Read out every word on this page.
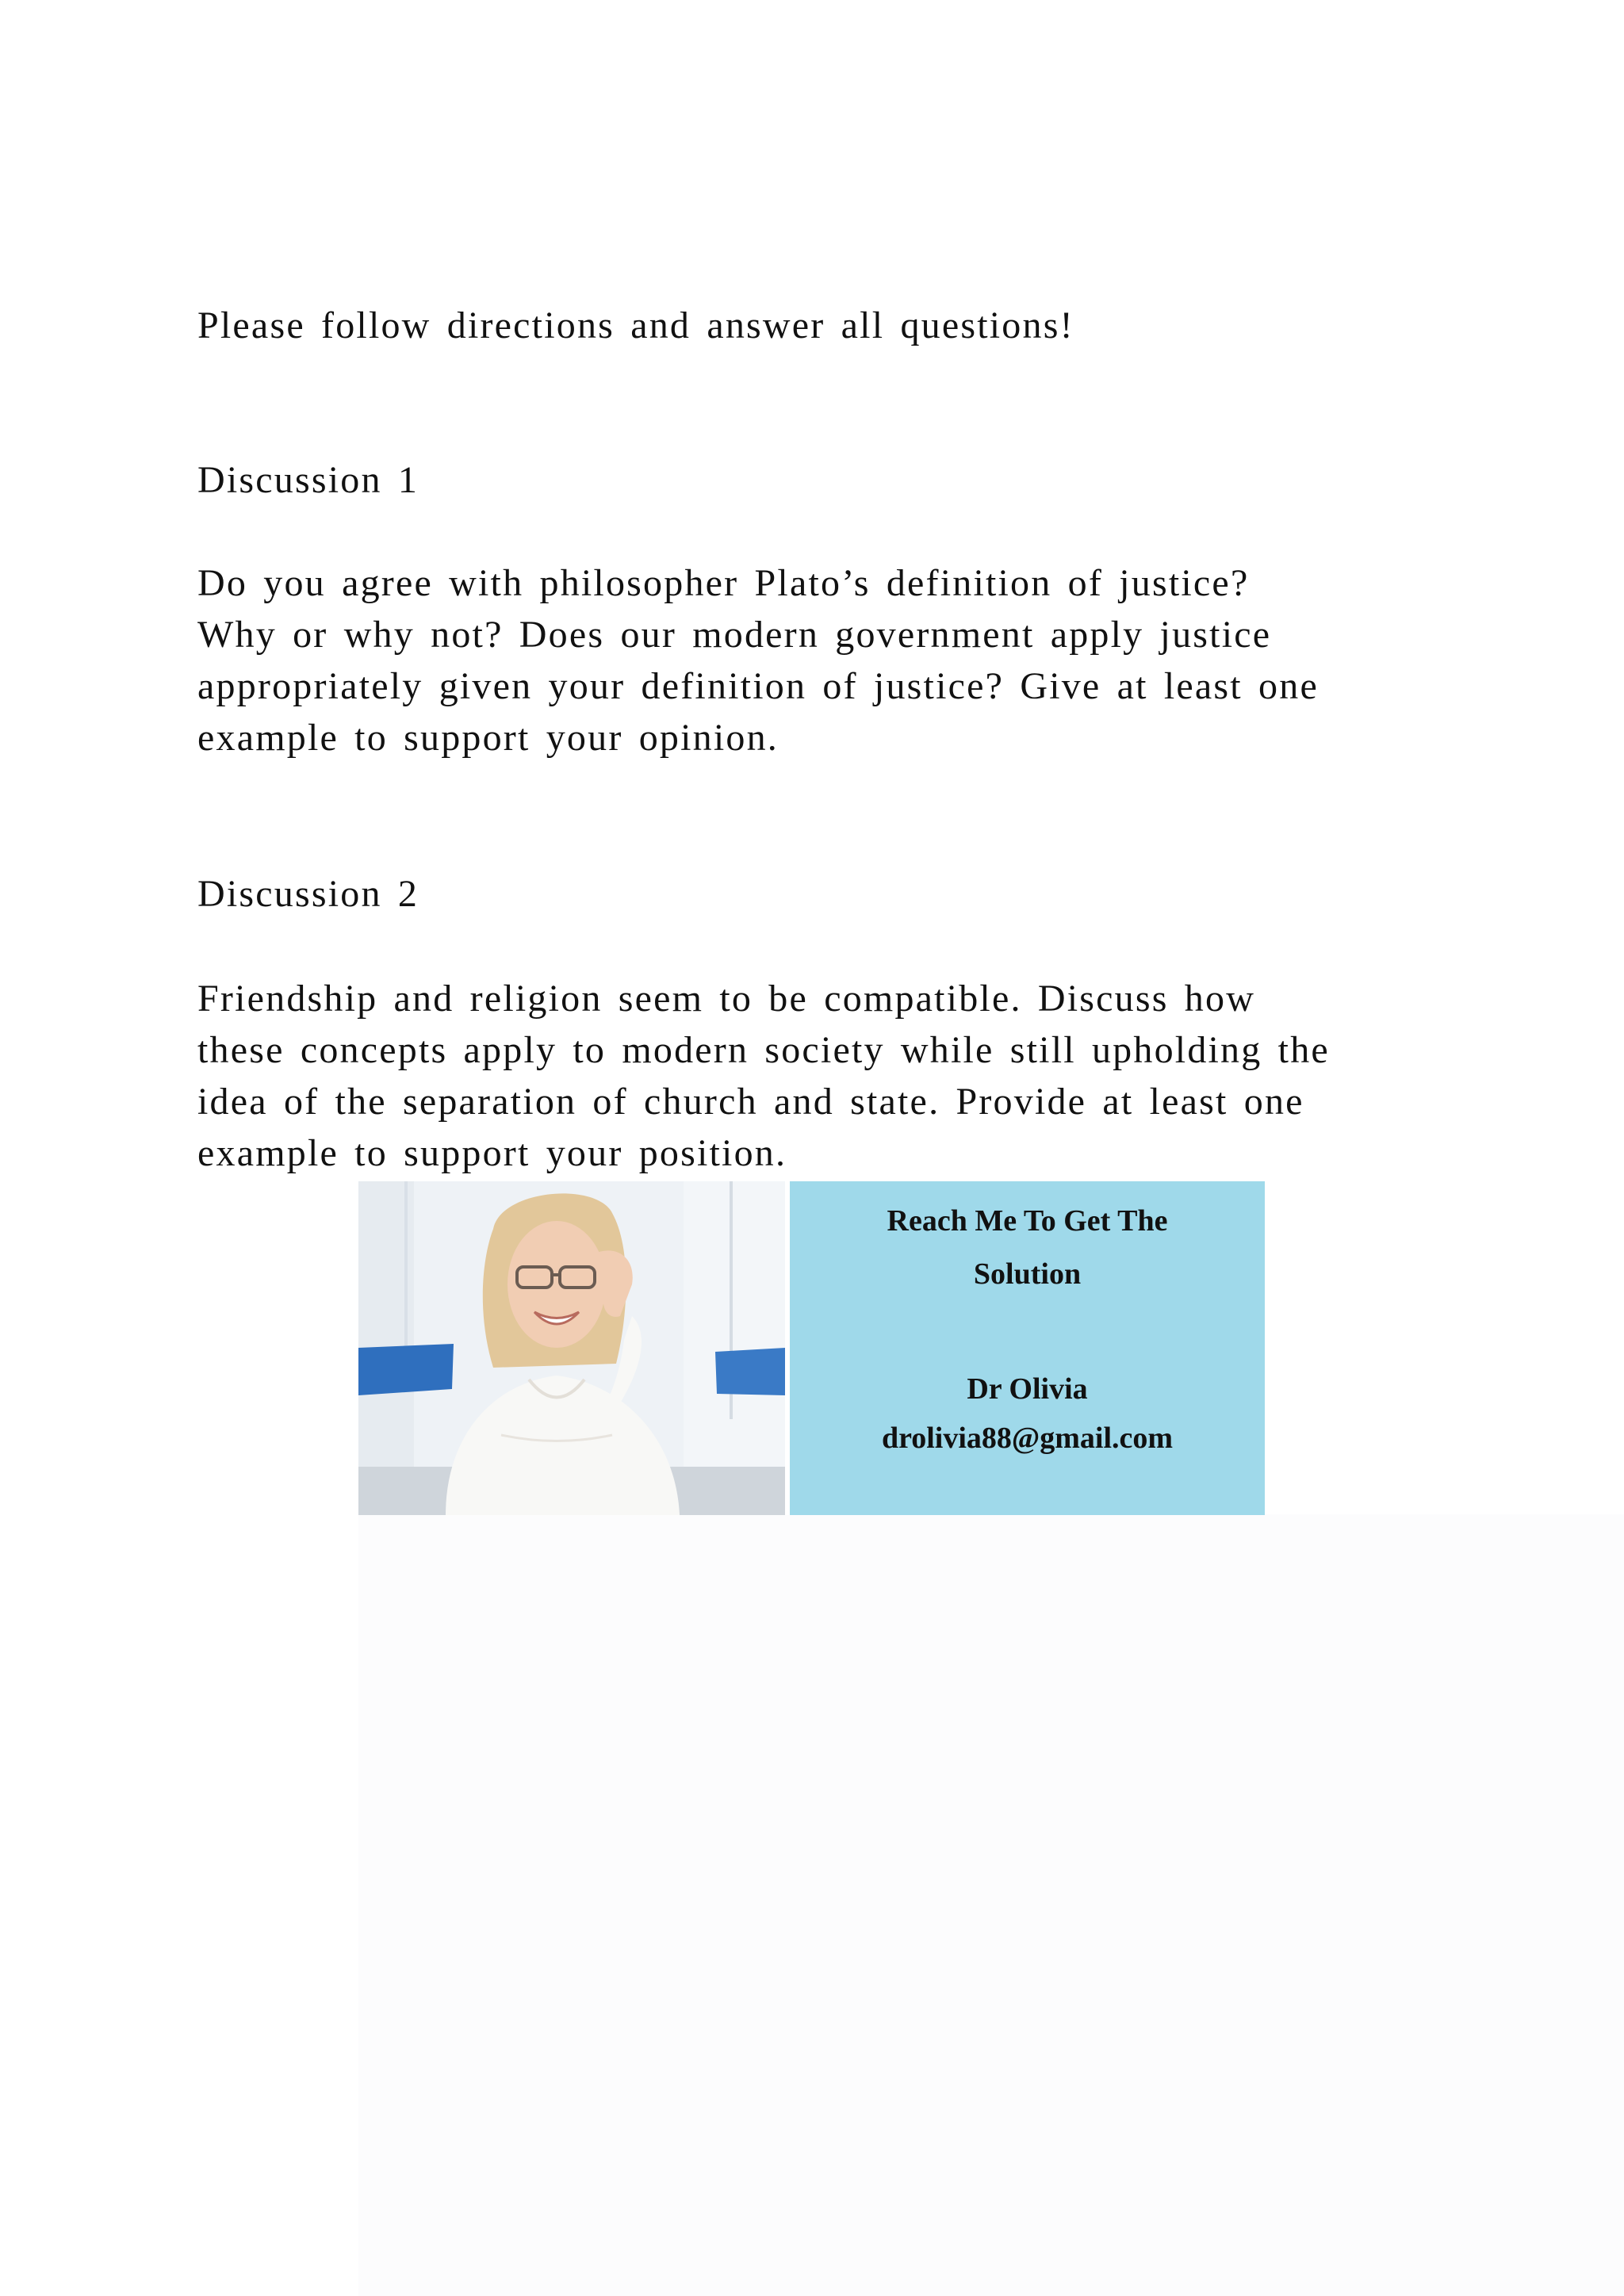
Please follow directions and answer all questions!

Discussion 1

Do you agree with philosopher Plato’s definition of justice?
Why or why not? Does our modern government apply justice
appropriately given your definition of justice? Give at least one
example to support your opinion.

Discussion 2

Friendship and religion seem to be compatible. Discuss how
these concepts apply to modern society while still upholding the
idea of the separation of church and state. Provide at least one
example to support your position.

Reach Me To Get The
Solution
Dr Olivia
drolivia88@gmail.com
